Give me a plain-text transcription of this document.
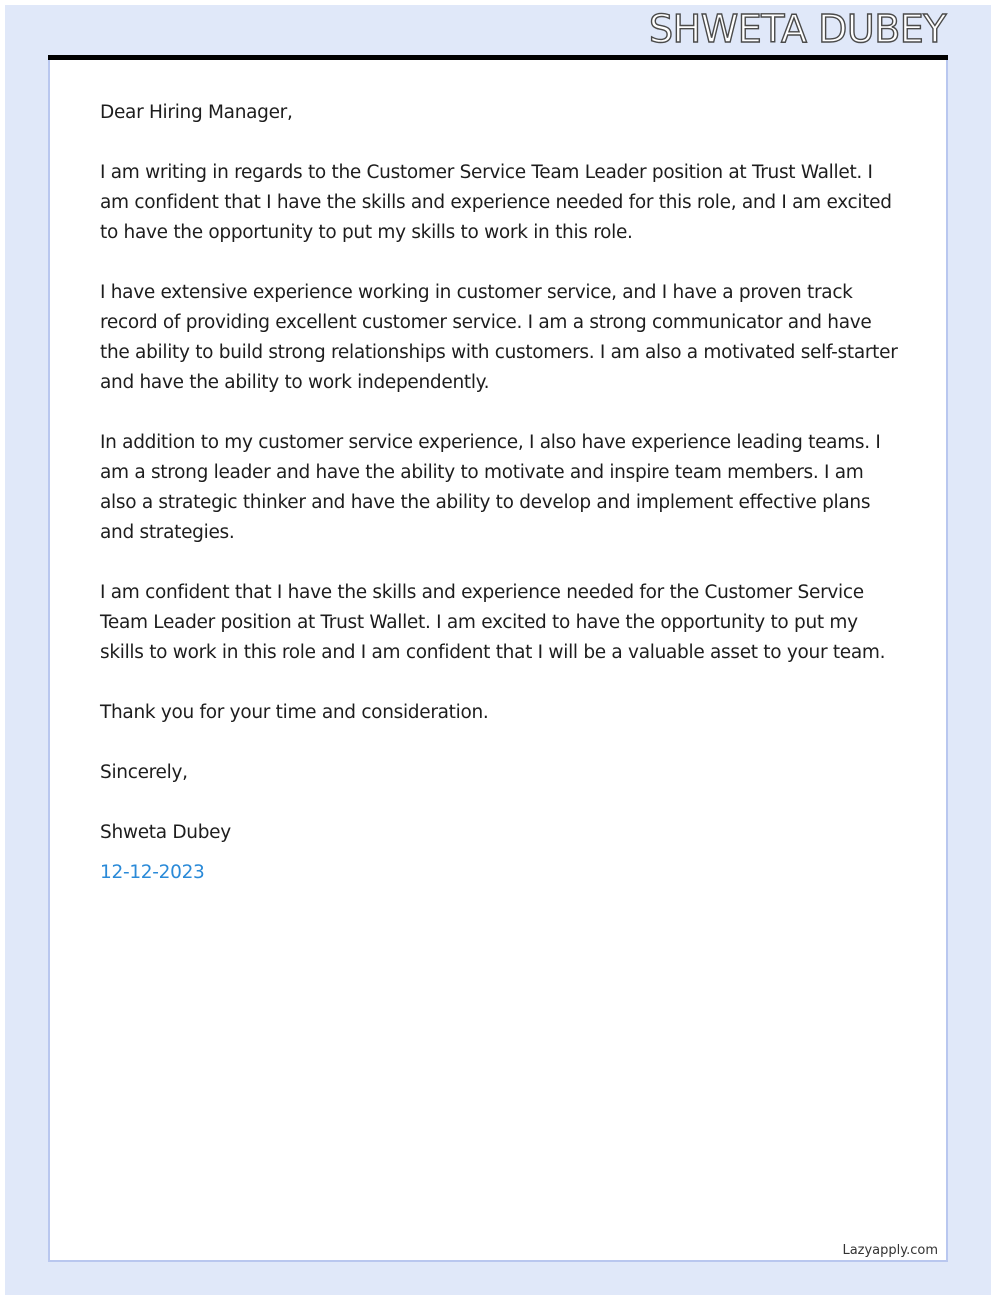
SHWETA DUBEY

Dear Hiring Manager,

I am writing in regards to the Customer Service Team Leader position at Trust Wallet. I am confident that I have the skills and experience needed for this role, and I am excited to have the opportunity to put my skills to work in this role.

I have extensive experience working in customer service, and I have a proven track record of providing excellent customer service. I am a strong communicator and have the ability to build strong relationships with customers. I am also a motivated self-starter and have the ability to work independently.

In addition to my customer service experience, I also have experience leading teams. I am a strong leader and have the ability to motivate and inspire team members. I am also a strategic thinker and have the ability to develop and implement effective plans and strategies.

I am confident that I have the skills and experience needed for the Customer Service Team Leader position at Trust Wallet. I am excited to have the opportunity to put my skills to work in this role and I am confident that I will be a valuable asset to your team.

Thank you for your time and consideration.

Sincerely,

Shweta Dubey

12-12-2023

Lazyapply.com
